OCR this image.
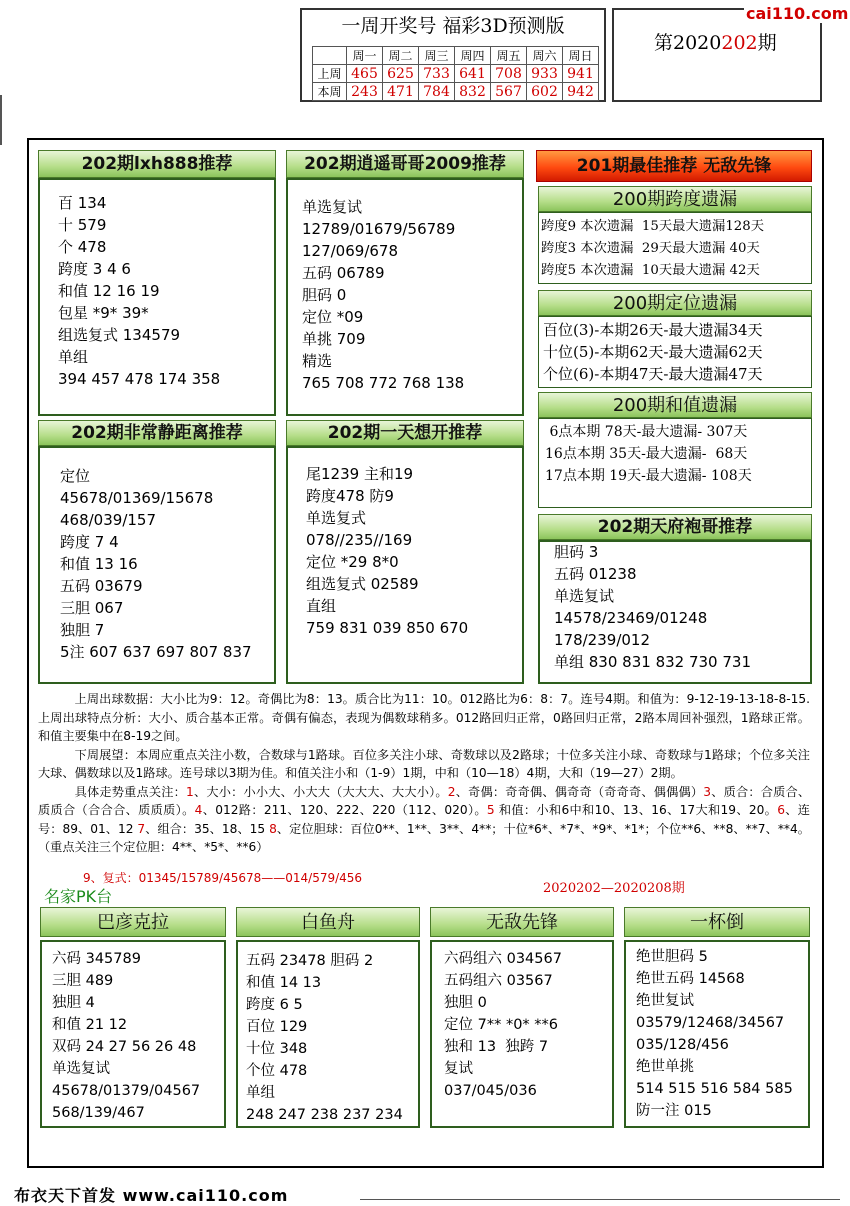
一周开奖号 福彩3D预测版
	周一	周二	周三	周四	周五	周六	周日
上周	465	625	733	641	708	933	941
本周	243	471	784	832	567	602	942
第2020202期
cai110.com
202期lxh888推荐
百 134
十 579
个 478
跨度 3 4 6
和值 12 16 19
包星 *9* 39*
组选复式 134579
单组
394 457 478 174 358
202期逍遥哥哥2009推荐
单选复试
12789/01679/56789
127/069/678
五码 06789
胆码 0
定位 *09
单挑 709
精选
765 708 772 768 138
201期最佳推荐 无敌先锋
200期跨度遗漏
跨度9 本次遗漏  15天最大遗漏128天
跨度3 本次遗漏  29天最大遗漏 40天
跨度5 本次遗漏  10天最大遗漏 42天
200期定位遗漏
百位(3)-本期26天-最大遗漏34天
十位(5)-本期62天-最大遗漏62天
个位(6)-本期47天-最大遗漏47天
200期和值遗漏
6点本期 78天-最大遗漏- 307天
16点本期 35天-最大遗漏-  68天
17点本期 19天-最大遗漏- 108天
202期天府袍哥推荐
胆码 3
五码 01238
单选复试
14578/23469/01248
178/239/012
单组 830 831 832 730 731
202期非常静距离推荐
定位
45678/01369/15678
468/039/157
跨度 7 4
和值 13 16
五码 03679
三胆 067
独胆 7
5注 607 637 697 807 837
202期一天想开推荐
尾1239 主和19
跨度478 防9
单选复式
078//235//169
定位 *29 8*0
组选复式 02589
直组
759 831 039 850 670

上周出球数据：大小比为9：12。奇偶比为8：13。质合比为11：10。012路比为6：8：7。连号4期。和值为：9-12-19-13-18-8-15.上周出球特点分析：大小、质合基本正常。奇偶有偏态，表现为偶数球稍多。012路回归正常，0路回归正常，2路本周回补强烈，1路球正常。和值主要集中在8-19之间。

下周展望：本周应重点关注小数，合数球与1路球。百位多关注小球、奇数球以及2路球；十位多关注小球、奇数球与1路球；个位多关注大球、偶数球以及1路球。连号球以3期为佳。和值关注小和（1-9）1期，中和（10—18）4期，大和（19—27）2期。

具体走势重点关注：1、大小：小小大、小大大（大大大、大大小）。2、奇偶：奇奇偶、偶奇奇（奇奇奇、偶偶偶）3、质合：合质合、质质合（合合合、质质质）。4、012路：211、120、222、220（112、020）。5 和值：小和6中和10、13、16、17大和19、20。6、连号：89、01、12 7、组合：35、18、15 8、定位胆球：百位0**、1**、3**、4**；十位*6*、*7*、*9*、*1*；个位**6、**8、**7、**4。（重点关注三个定位胆：4**、*5*、**6）

9、复式：01345/15789/45678——014/579/456
名家PK台	2020202—2020208期
巴彦克拉
六码 345789
三胆 489
独胆 4
和值 21 12
双码 24 27 56 26 48
单选复试
45678/01379/04567
568/139/467
白鱼舟
五码 23478 胆码 2
和值 14 13
跨度 6 5
百位 129
十位 348
个位 478
单组
248 247 238 237 234
无敌先锋
六码组六 034567
五码组六 03567
独胆 0
定位 7** *0* **6
独和 13  独跨 7
复试
037/045/036
一杯倒
绝世胆码 5
绝世五码 14568
绝世复试
03579/12468/34567
035/128/456
绝世单挑
514 515 516 584 585
防一注 015
布衣天下首发 www.cai110.com
